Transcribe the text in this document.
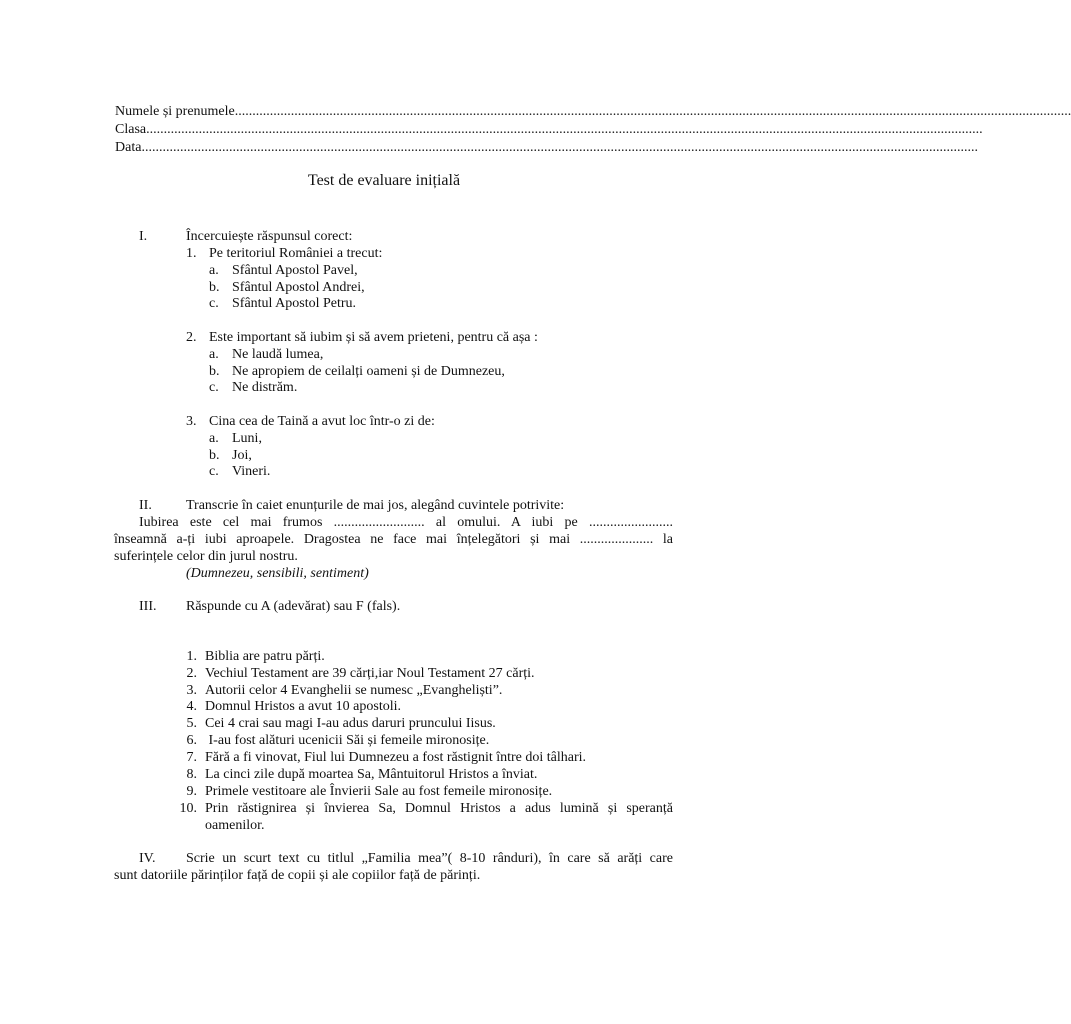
Numele și prenumele...............................................................................................................................................................................................................................................
Clasa...............................................................................................................................................................................................................................................
Data...............................................................................................................................................................................................................................................
Test de evaluare inițială
I.	Încercuiește răspunsul corect:
1. Pe teritoriul României a trecut:
a. Sfântul Apostol Pavel,
b. Sfântul Apostol Andrei,
c. Sfântul Apostol Petru.
2. Este important să iubim și să avem prieteni, pentru că așa :
a. Ne laudă lumea,
b. Ne apropiem de ceilalți oameni și de Dumnezeu,
c. Ne distrăm.
3. Cina cea de Taină a avut loc într-o zi de:
a. Luni,
b. Joi,
c. Vineri.
II. Transcrie în caiet enunțurile de mai jos, alegând cuvintele potrivite:
Iubirea este cel mai frumos .......................... al omului. A iubi pe ........................
înseamnă a-ți iubi aproapele. Dragostea ne face mai înțelegători și mai ..................... la
suferințele celor din jurul nostru.
(Dumnezeu, sensibili, sentiment)
III. Răspunde cu A (adevărat) sau F (fals).
1. Biblia are patru părți.
2. Vechiul Testament are 39 cărți,iar Noul Testament 27 cărți.
3. Autorii celor 4 Evanghelii se numesc „Evangheliști”.
4. Domnul Hristos a avut 10 apostoli.
5. Cei 4 crai sau magi I-au adus daruri pruncului Iisus.
6. I-au fost alături ucenicii Săi și femeile mironosițe.
7. Fără a fi vinovat, Fiul lui Dumnezeu a fost răstignit între doi tâlhari.
8. La cinci zile după moartea Sa, Mântuitorul Hristos a înviat.
9. Primele vestitoare ale Învierii Sale au fost femeile mironosițe.
10. Prin răstignirea și învierea Sa, Domnul Hristos a adus lumină și speranță
oamenilor.
IV. Scrie un scurt text cu titlul „Familia mea”( 8-10 rânduri), în care să arăți care
sunt datoriile părinților față de copii și ale copiilor față de părinți.
